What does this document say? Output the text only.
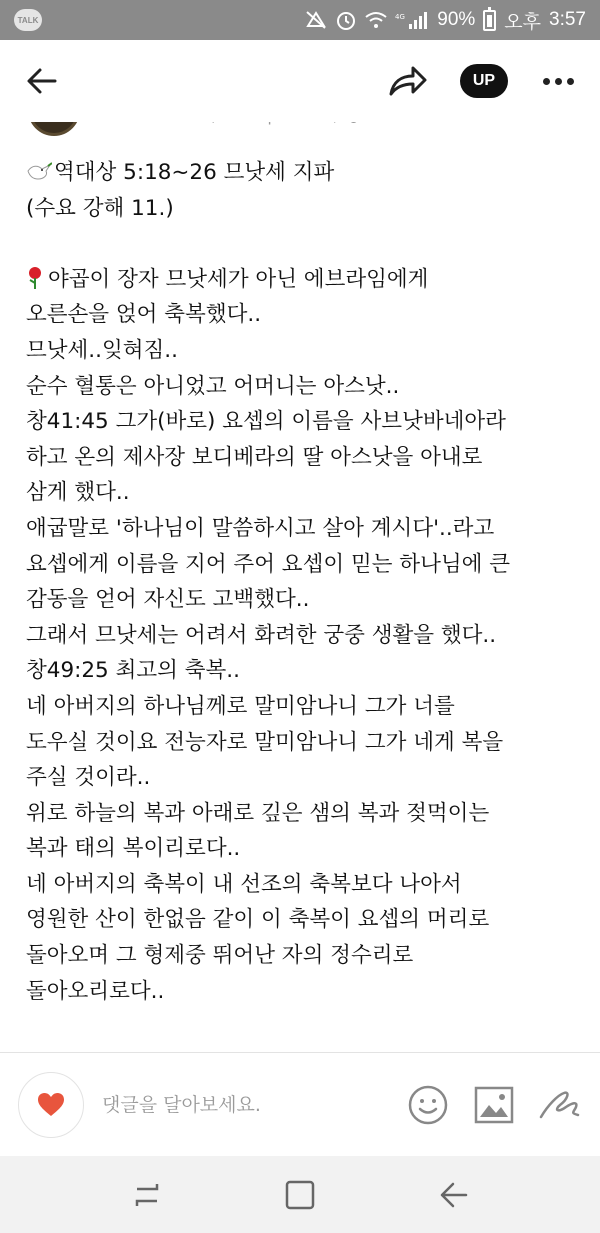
TALK	4G 90% 오후 3:57
UP
역대상 5:18~26 므낫세 지파
(수요 강해 11.)
야곱이 장자 므낫세가 아닌 에브라임에게
오른손을 얹어 축복했다..
므낫세..잊혀짐..
순수 혈통은 아니었고 어머니는 아스낫..
창41:45 그가(바로) 요셉의 이름을 사브낫바네아라
하고 온의 제사장 보디베라의 딸 아스낫을 아내로
삼게 했다..
애굽말로 '하나님이 말씀하시고 살아 계시다'..라고
요셉에게 이름을 지어 주어 요셉이 믿는 하나님에 큰
감동을 얻어 자신도 고백했다..
그래서 므낫세는 어려서 화려한 궁중 생활을 했다..
창49:25 최고의 축복..
네 아버지의 하나님께로 말미암나니 그가 너를
도우실 것이요 전능자로 말미암나니 그가 네게 복을
주실 것이라..
위로 하늘의 복과 아래로 깊은 샘의 복과 젖먹이는
복과 태의 복이리로다..
네 아버지의 축복이 내 선조의 축복보다 나아서
영원한 산이 한없음 같이 이 축복이 요셉의 머리로
돌아오며 그 형제중 뛰어난 자의 정수리로
돌아오리로다..
댓글을 달아보세요.
